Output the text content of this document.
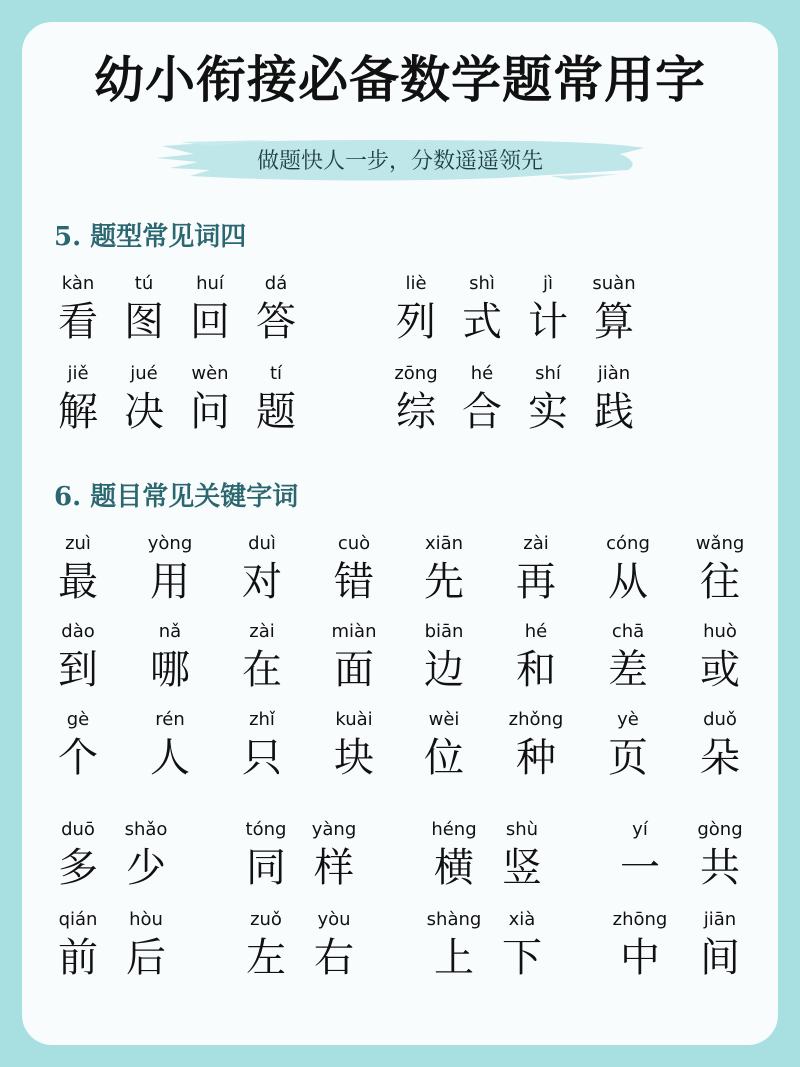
幼小衔接必备数学题常用字
做题快人一步，分数遥遥领先
5. 题型常见词四
kàn
看
tú
图
huí
回
dá
答
liè
列
shì
式
jì
计
suàn
算
jiě
解
jué
决
wèn
问
tí
题
zōng
综
hé
合
shí
实
jiàn
践
6. 题目常见关键字词
zuì
最
yòng
用
duì
对
cuò
错
xiān
先
zài
再
cóng
从
wǎng
往
dào
到
nǎ
哪
zài
在
miàn
面
biān
边
hé
和
chā
差
huò
或
gè
个
rén
人
zhǐ
只
kuài
块
wèi
位
zhǒng
种
yè
页
duǒ
朵
duō
多
shǎo
少
tóng
同
yàng
样
héng
横
shù
竖
yí
一
gòng
共
qián
前
hòu
后
zuǒ
左
yòu
右
shàng
上
xià
下
zhōng
中
jiān
间
